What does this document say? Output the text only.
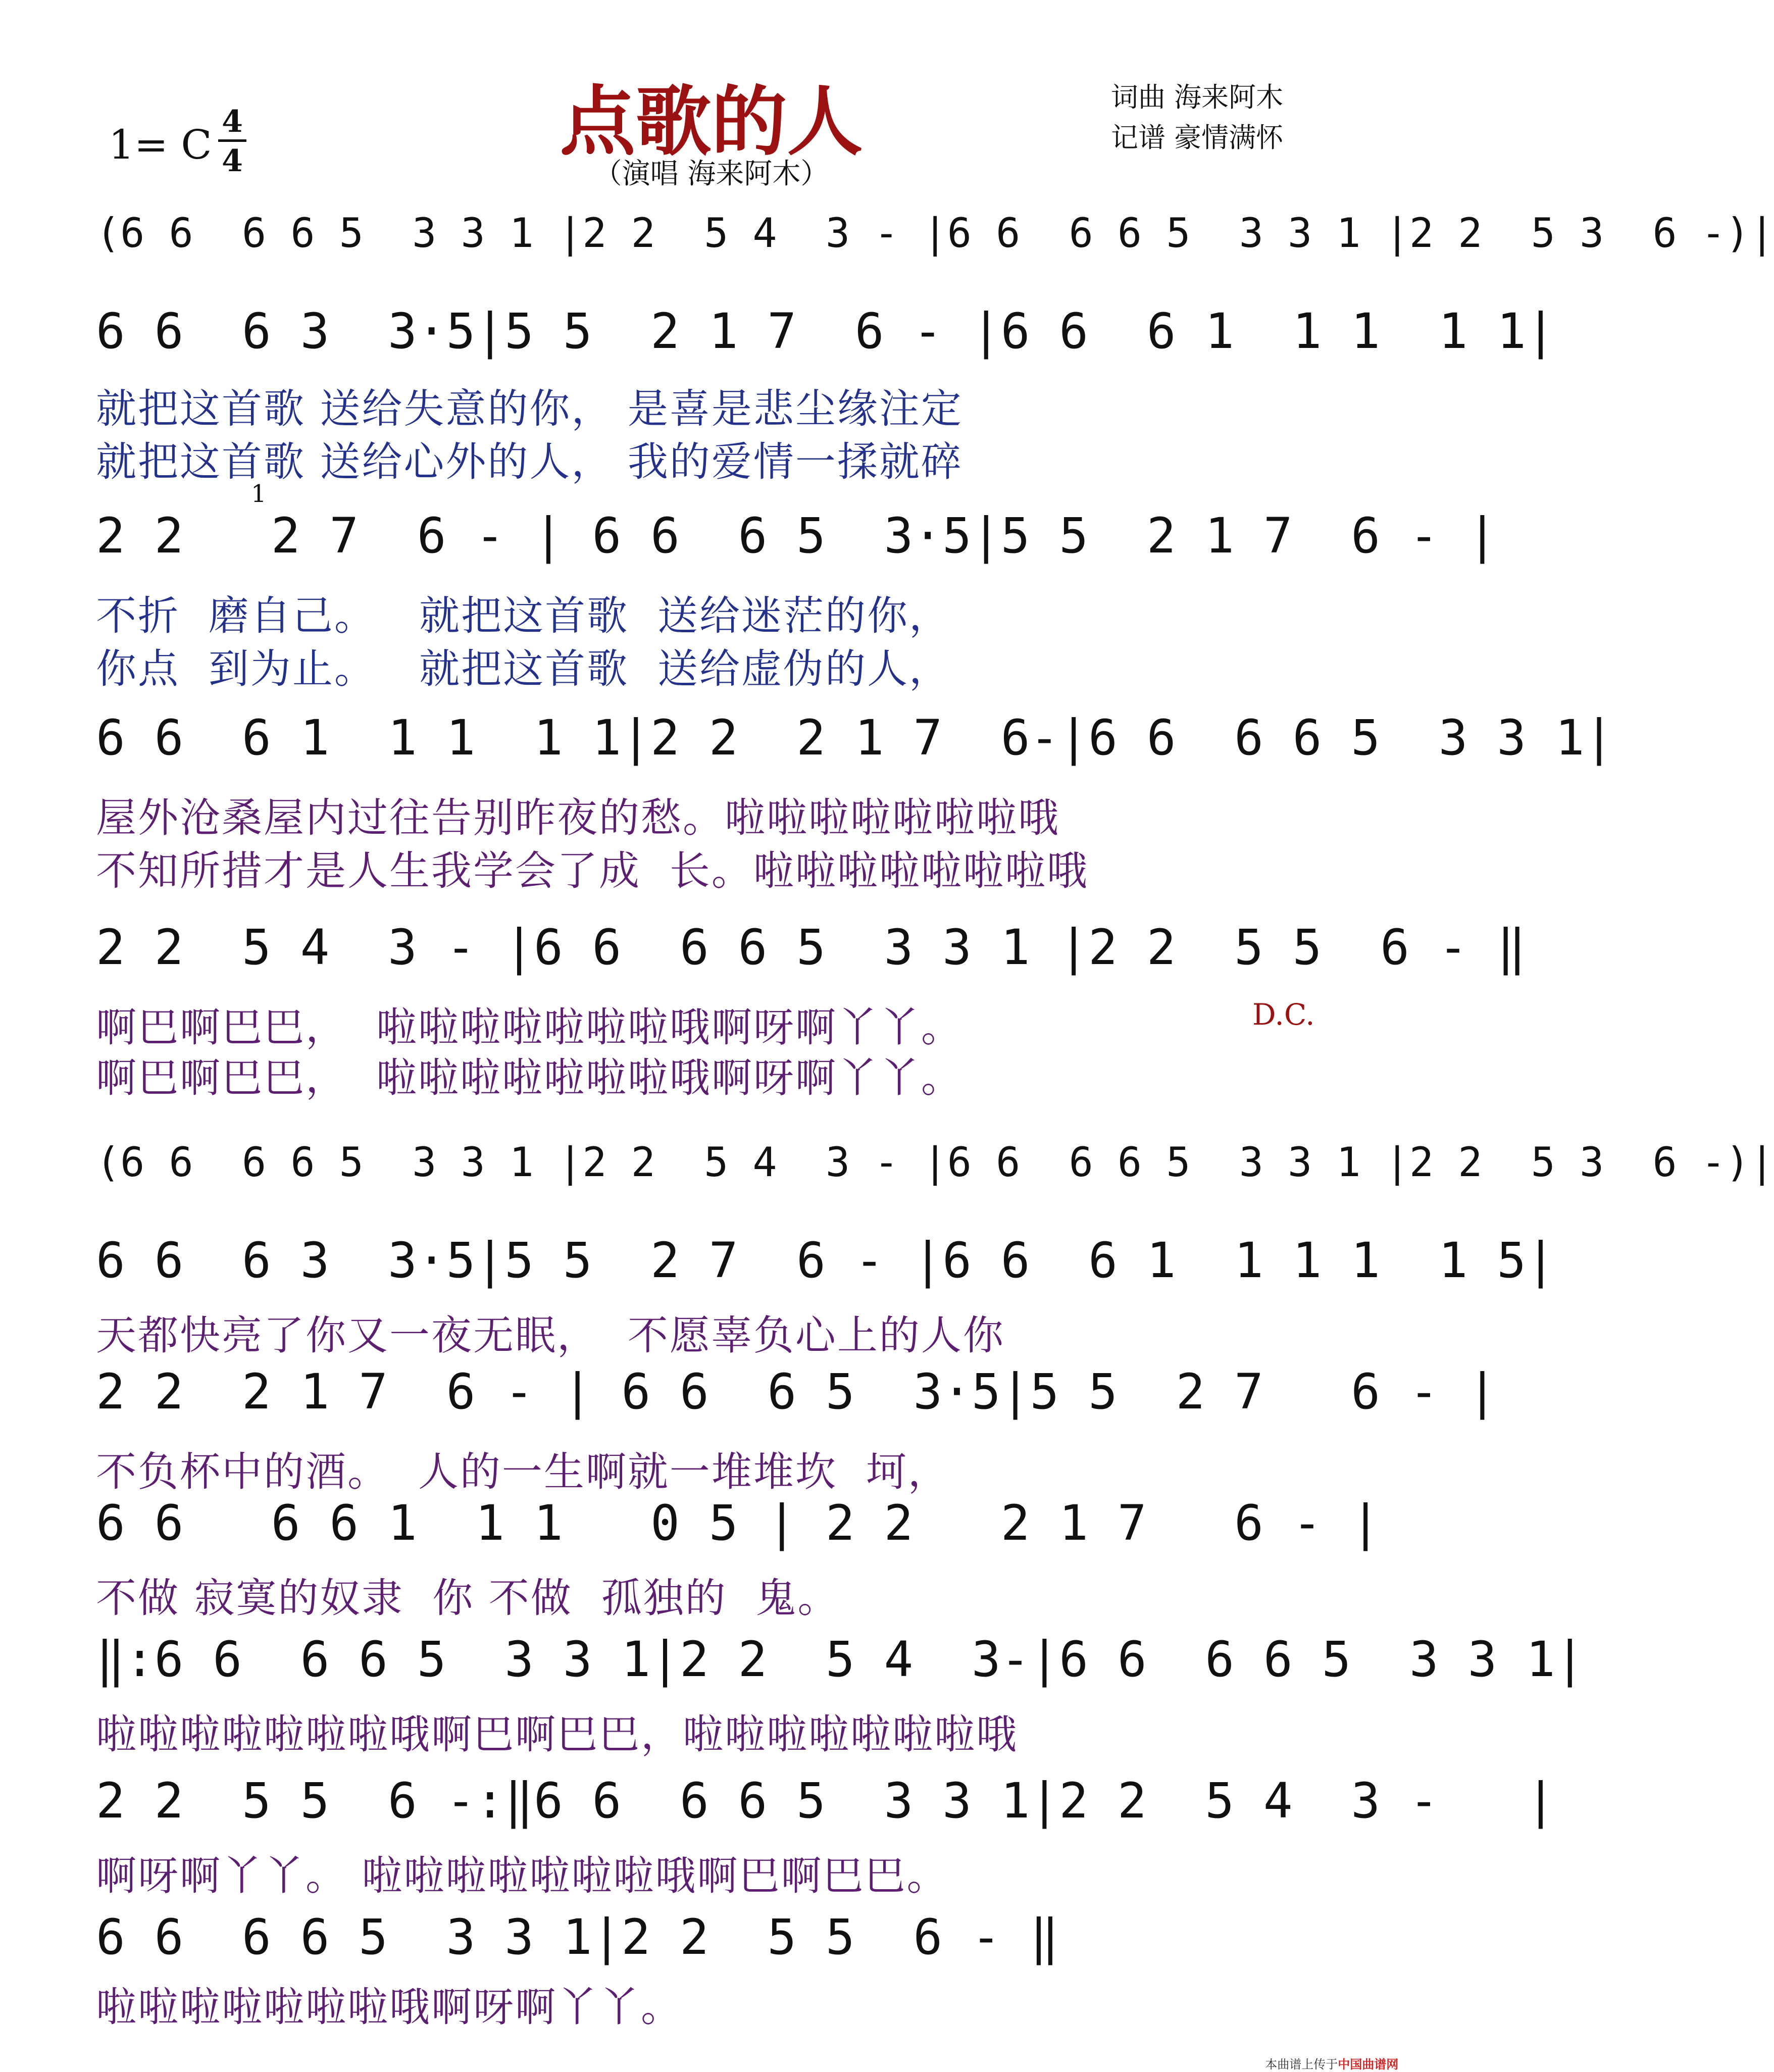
点歌的人
（演唱 海来阿木）
词曲 海来阿木
记谱 豪情满怀
1= C 4
4
(6 6  6 6 5  3 3 1 |2 2  5 4  3 - |6 6  6 6 5  3 3 1 |2 2  5 3  6 -)|
6 6  6 3  3·5|5 5  2 1 7  6 - |6 6  6 1  1 1  1 1|
就把这首歌 送给失意的你， 是喜是悲尘缘注定
就把这首歌 送给心外的人， 我的爱情一揉就碎
1
2 2   2 7  6 - | 6 6  6 5  3·5|5 5  2 1 7  6 - |
不折  磨自己。   就把这首歌  送给迷茫的你，
你点  到为止。   就把这首歌  送给虚伪的人，
6 6  6 1  1 1  1 1|2 2  2 1 7  6-|6 6  6 6 5  3 3 1|
屋外沧桑屋内过往告别昨夜的愁。啦啦啦啦啦啦啦哦
不知所措才是人生我学会了成  长。啦啦啦啦啦啦啦哦
2 2  5 4  3 - |6 6  6 6 5  3 3 1 |2 2  5 5  6 - ‖
啊巴啊巴巴，  啦啦啦啦啦啦啦哦啊呀啊丫丫。
啊巴啊巴巴，  啦啦啦啦啦啦啦哦啊呀啊丫丫。
D.C.
(6 6  6 6 5  3 3 1 |2 2  5 4  3 - |6 6  6 6 5  3 3 1 |2 2  5 3  6 -)|
6 6  6 3  3·5|5 5  2 7  6 - |6 6  6 1  1 1 1  1 5|
天都快亮了你又一夜无眠，  不愿辜负心上的人你
2 2  2 1 7  6 - | 6 6  6 5  3·5|5 5  2 7   6 - |
不负杯中的酒。  人的一生啊就一堆堆坎  坷，
6 6   6 6 1  1 1   0 5 | 2 2   2 1 7   6 - |
不做 寂寞的奴隶  你 不做  孤独的  鬼。
‖:6 6  6 6 5  3 3 1|2 2  5 4  3-|6 6  6 6 5  3 3 1|
啦啦啦啦啦啦啦哦啊巴啊巴巴，啦啦啦啦啦啦啦哦
2 2  5 5  6 -:‖6 6  6 6 5  3 3 1|2 2  5 4  3 -   |
啊呀啊丫丫。 啦啦啦啦啦啦啦哦啊巴啊巴巴。
6 6  6 6 5  3 3 1|2 2  5 5  6 - ‖
啦啦啦啦啦啦啦哦啊呀啊丫丫。

本曲谱上传于中国曲谱网
